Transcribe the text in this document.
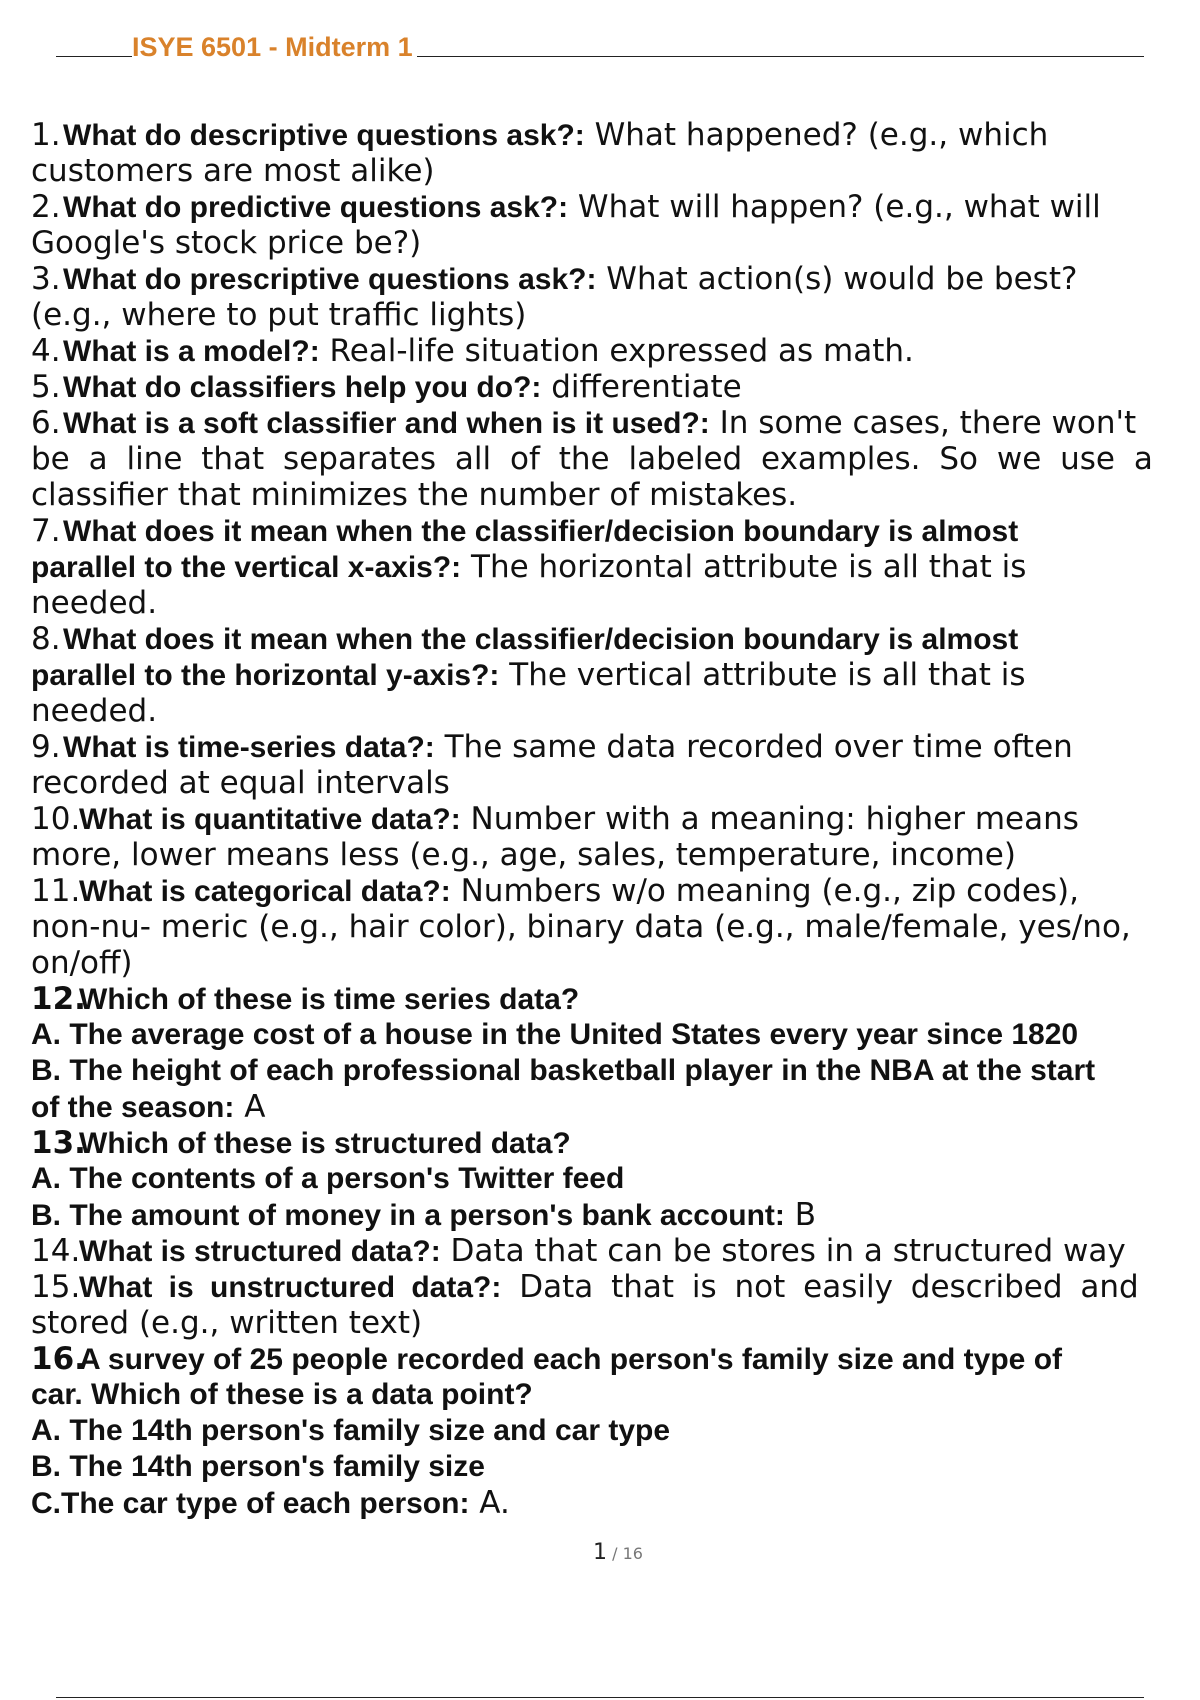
ISYE 6501 - Midterm 1
1.What do descriptive questions ask?: What happened? (e.g., which
customers are most alike)
2.What do predictive questions ask?: What will happen? (e.g., what will
Google's stock price be?)
3.What do prescriptive questions ask?: What action(s) would be best?
(e.g., where to put traffic lights)
4.What is a model?: Real-life situation expressed as math.
5.What do classifiers help you do?: differentiate
6.What is a soft classifier and when is it used?: In some cases, there won't
be a line that separates all of the labeled examples. So we use a
classifier that minimizes the number of mistakes.
7.What does it mean when the classifier/decision boundary is almost
parallel to the vertical x-axis?: The horizontal attribute is all that is
needed.
8.What does it mean when the classifier/decision boundary is almost
parallel to the horizontal y-axis?: The vertical attribute is all that is
needed.
9.What is time-series data?: The same data recorded over time often
recorded at equal intervals
10.What is quantitative data?: Number with a meaning: higher means
more, lower means less (e.g., age, sales, temperature, income)
11.What is categorical data?: Numbers w/o meaning (e.g., zip codes),
non-nu- meric (e.g., hair color), binary data (e.g., male/female, yes/no,
on/off)
12.Which of these is time series data?
A. The average cost of a house in the United States every year since 1820
B. The height of each professional basketball player in the NBA at the start
of the season: A
13.Which of these is structured data?
A. The contents of a person's Twitter feed
B. The amount of money in a person's bank account: B
14.What is structured data?: Data that can be stores in a structured way
15.What is unstructured data?: Data that is not easily described and
stored (e.g., written text)
16.A survey of 25 people recorded each person's family size and type of
car. Which of these is a data point?
A. The 14th person's family size and car type
B. The 14th person's family size
C.The car type of each person: A.
1 / 16
